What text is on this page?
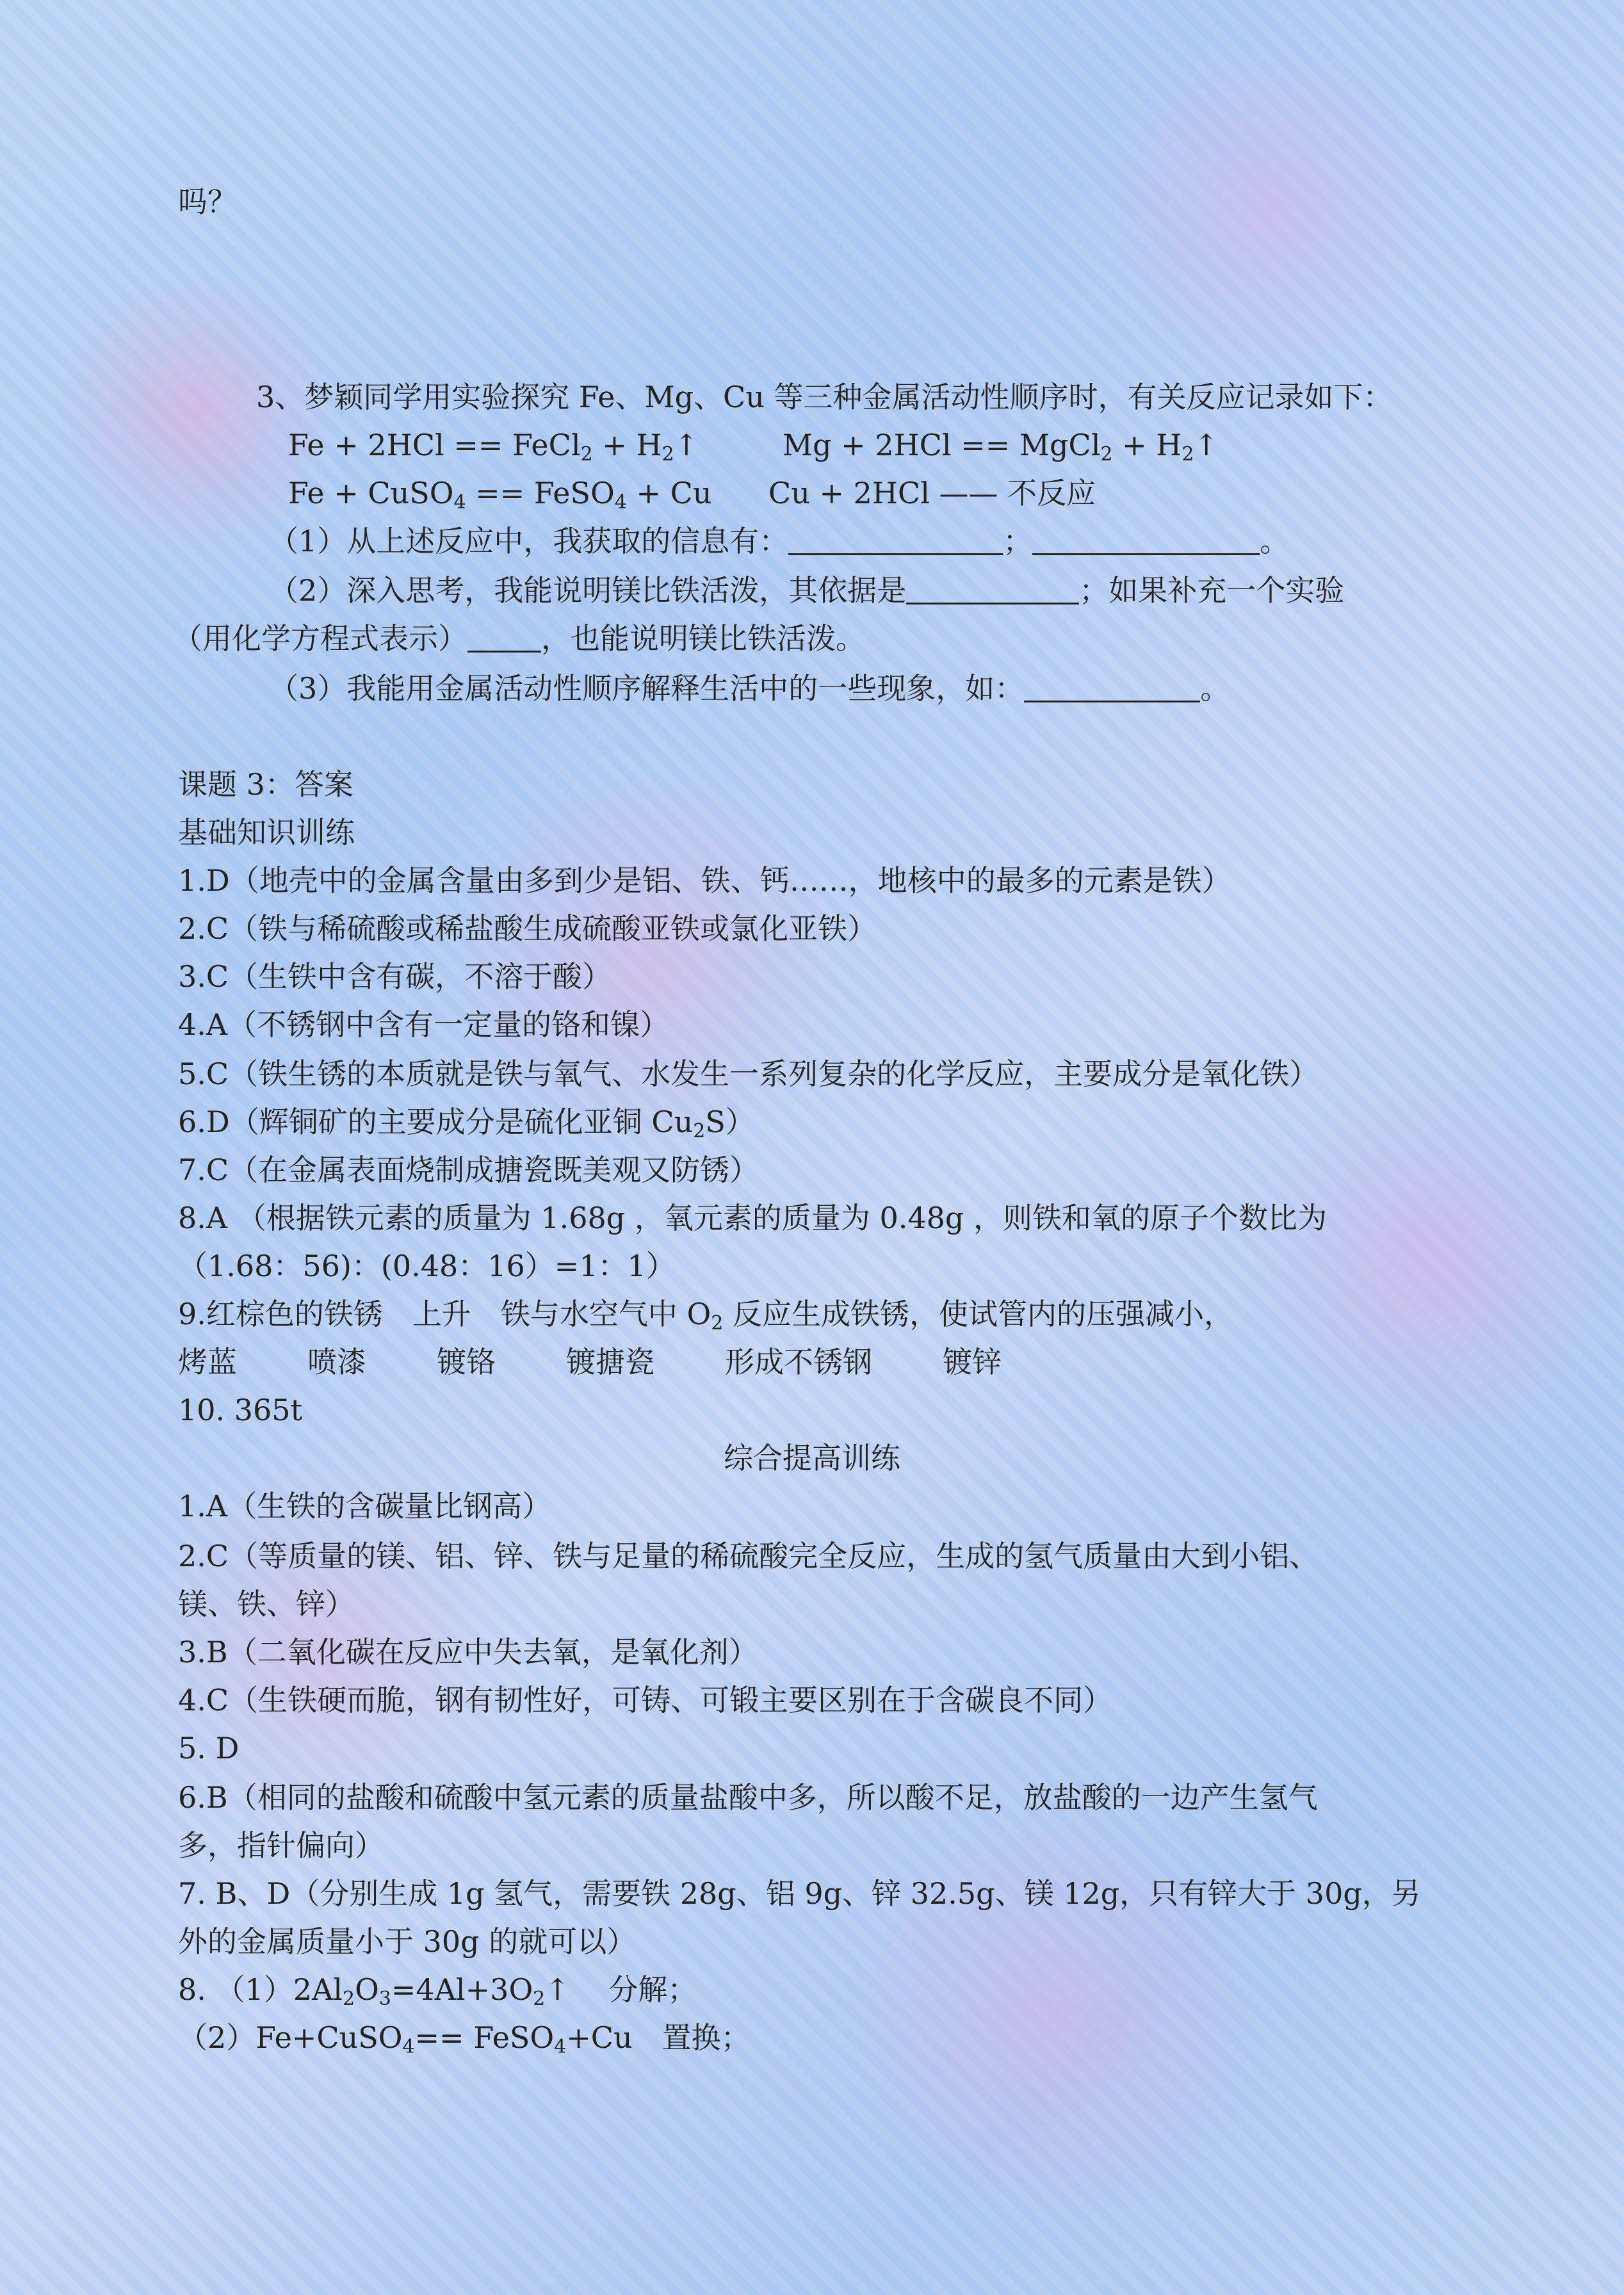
吗？
3、梦颖同学用实验探究 Fe、Mg、Cu 等三种金属活动性顺序时，有关反应记录如下：
Fe + 2HCl == FeCl$_2$ + $H_2↑$	Mg + 2HCl == MgCl$_2$ + $H_2↑$
Fe + CuSO$_4$ == FeSO$_4$ + Cu Cu + 2HCl —— 不反应
（1）从上述反应中，我获取的信息有：	；	。
（2）深入思考，我能说明镁比铁活泼，其依据是	；如果补充一个实验
（用化学方程式表示）	，也能说明镁比铁活泼。
（3）我能用金属活动性顺序解释生活中的一些现象，如：	。
课题 3：答案
基础知识训练
1.D（地壳中的金属含量由多到少是铝、铁、钙……，地核中的最多的元素是铁）
2.C（铁与稀硫酸或稀盐酸生成硫酸亚铁或氯化亚铁）
3.C（生铁中含有碳，不溶于酸）
4.A（不锈钢中含有一定量的铬和镍）
5.C（铁生锈的本质就是铁与氧气、水发生一系列复杂的化学反应，主要成分是氧化铁）
6.D（辉铜矿的主要成分是硫化亚铜 $Cu_2S$）
7.C（在金属表面烧制成搪瓷既美观又防锈）
8.A （根据铁元素的质量为 1.68g ，氧元素的质量为 0.48g ，则铁和氧的原子个数比为
（1.68：56)：(0.48：16）=1：1）
9.红棕色的铁锈　上升　铁与水空气中 $O_2$ 反应生成铁锈，使试管内的压强减小，
烤蓝 喷漆 镀铬 镀搪瓷 形成不锈钢 镀锌
10. 365t
综合提高训练
1.A（生铁的含碳量比钢高）
2.C（等质量的镁、铝、锌、铁与足量的稀硫酸完全反应，生成的氢气质量由大到小铝、
镁、铁、锌）
3.B（二氧化碳在反应中失去氧，是氧化剂）
4.C（生铁硬而脆，钢有韧性好，可铸、可锻主要区别在于含碳良不同）
5. D
6.B（相同的盐酸和硫酸中氢元素的质量盐酸中多，所以酸不足，放盐酸的一边产生氢气
多，指针偏向）
7. B、D（分别生成 1g 氢气，需要铁 28g、铝 9g、锌 32.5g、镁 12g，只有锌大于 30g，另
外的金属质量小于 30g 的就可以）
8. $(1)2Al_2O_3=4Al+3O_2↑$　 分解；
（2）Fe+CuSO$_4$== FeSO$_4$+Cu　置换；
